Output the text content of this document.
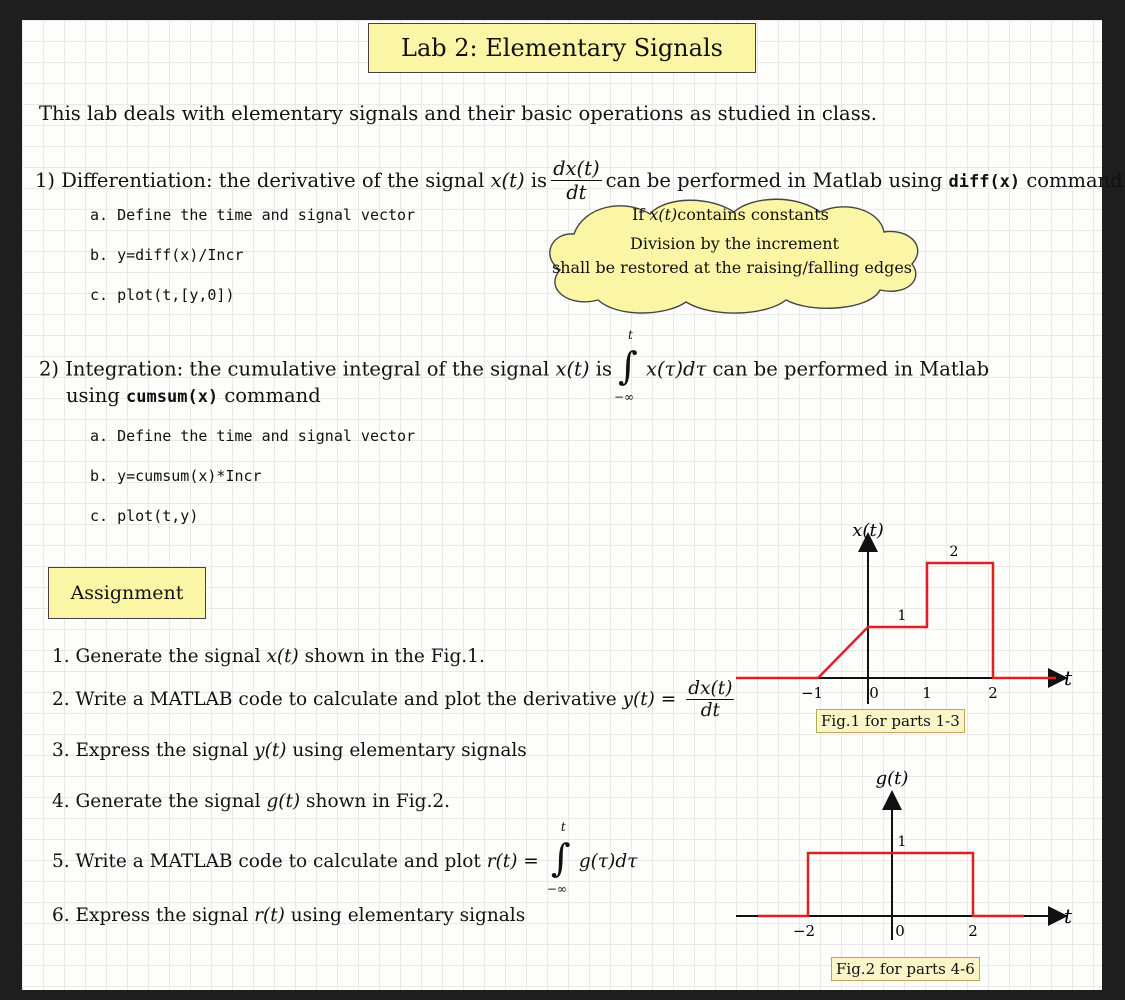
Lab 2: Elementary Signals
This lab deals with elementary signals and their basic operations as studied in class.
1) Differentiation: the derivative of the signal x(t) is $\frac{dx(t)}{dt}$ can be performed in Matlab using diff(x) command
a. Define the time and signal vector
b. y=diff(x)/Incr
c. plot(t,[y,0])
If x(t)contains constants
Division by the increment
shall be restored at the raising/falling edges
2) Integration: the cumulative integral of the signal x(t) is ∫
t
−∞
x(τ)dτ can be performed in Matlab
using cumsum(x) command
a. Define the time and signal vector
b. y=cumsum(x)*Incr
c. plot(t,y)
Assignment
1. Generate the signal x(t) shown in the Fig.1.
2. Write a MATLAB code to calculate and plot the derivative $y(t) = \frac{dx(t)}{dt}$
3. Express the signal y(t) using elementary signals
4. Generate the signal g(t) shown in Fig.2.
5. Write a MATLAB code to calculate and plot r(t) = ∫
t
−∞
g(τ)dτ
6. Express the signal r(t) using elementary signals
x(t)
t
−1	0	1	2
1
2
Fig.1 for parts 1-3
g(t)
t
−2	0	2
1
Fig.2 for parts 4-6
